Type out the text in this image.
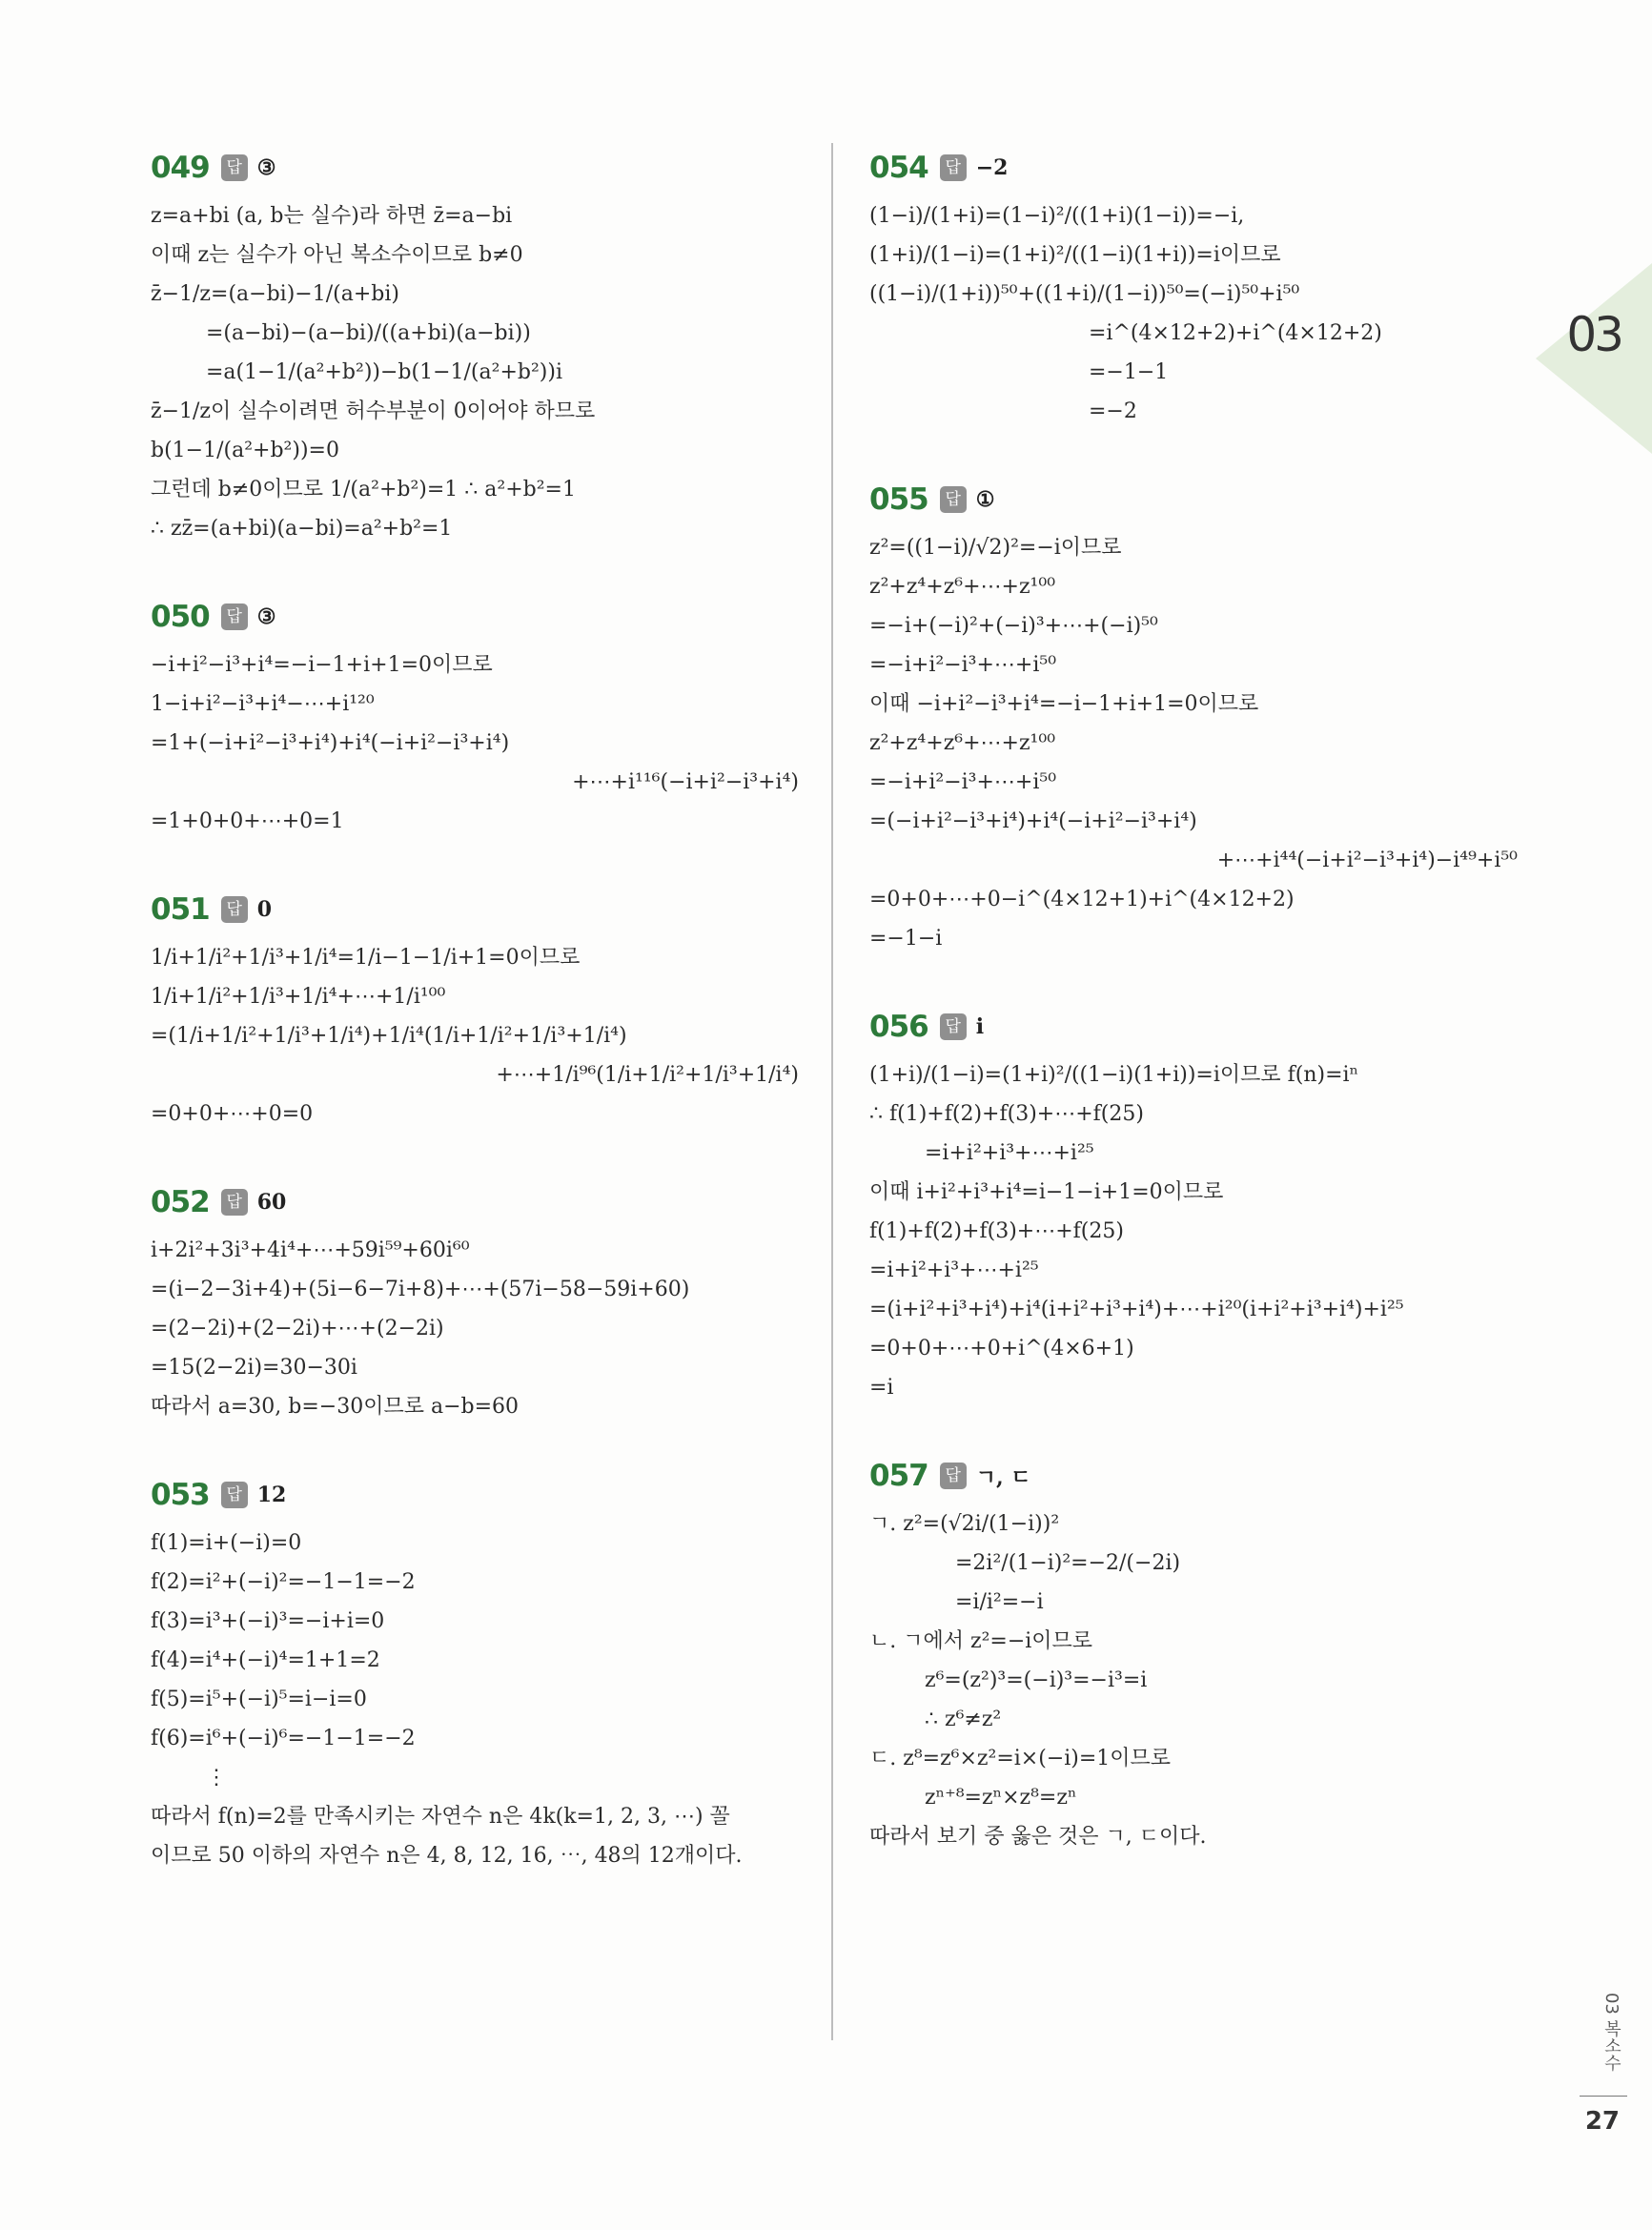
03
049	답 ③
z=a+bi (a, b는 실수)라 하면 z̄=a−bi
이때 z는 실수가 아닌 복소수이므로 b≠0
z̄−1/z=(a−bi)−1/(a+bi)
=(a−bi)−(a−bi)/((a+bi)(a−bi))
=a(1−1/(a²+b²))−b(1−1/(a²+b²))i
z̄−1/z이 실수이려면 허수부분이 0이어야 하므로
b(1−1/(a²+b²))=0
그런데 b≠0이므로 1/(a²+b²)=1 ∴ a²+b²=1
∴ zz̄=(a+bi)(a−bi)=a²+b²=1
050	답 ③
−i+i²−i³+i⁴=−i−1+i+1=0이므로
1−i+i²−i³+i⁴−⋯+i¹²⁰
=1+(−i+i²−i³+i⁴)+i⁴(−i+i²−i³+i⁴)
+⋯+i¹¹⁶(−i+i²−i³+i⁴)
=1+0+0+⋯+0=1
051	답 0
1/i+1/i²+1/i³+1/i⁴=1/i−1−1/i+1=0이므로
1/i+1/i²+1/i³+1/i⁴+⋯+1/i¹⁰⁰
=(1/i+1/i²+1/i³+1/i⁴)+1/i⁴(1/i+1/i²+1/i³+1/i⁴)
+⋯+1/i⁹⁶(1/i+1/i²+1/i³+1/i⁴)
=0+0+⋯+0=0
052	답 60
i+2i²+3i³+4i⁴+⋯+59i⁵⁹+60i⁶⁰
=(i−2−3i+4)+(5i−6−7i+8)+⋯+(57i−58−59i+60)
=(2−2i)+(2−2i)+⋯+(2−2i)
=15(2−2i)=30−30i
따라서 a=30, b=−30이므로 a−b=60
053	답 12
f(1)=i+(−i)=0
f(2)=i²+(−i)²=−1−1=−2
f(3)=i³+(−i)³=−i+i=0
f(4)=i⁴+(−i)⁴=1+1=2
f(5)=i⁵+(−i)⁵=i−i=0
f(6)=i⁶+(−i)⁶=−1−1=−2
⋮
따라서 f(n)=2를 만족시키는 자연수 n은 4k(k=1, 2, 3, ⋯) 꼴
이므로 50 이하의 자연수 n은 4, 8, 12, 16, ⋯, 48의 12개이다.
054	답 −2
(1−i)/(1+i)=(1−i)²/((1+i)(1−i))=−i,
(1+i)/(1−i)=(1+i)²/((1−i)(1+i))=i이므로
((1−i)/(1+i))⁵⁰+((1+i)/(1−i))⁵⁰=(−i)⁵⁰+i⁵⁰
=i^(4×12+2)+i^(4×12+2)
=−1−1
=−2
055	답 ①
z²=((1−i)/√2)²=−i이므로
z²+z⁴+z⁶+⋯+z¹⁰⁰
=−i+(−i)²+(−i)³+⋯+(−i)⁵⁰
=−i+i²−i³+⋯+i⁵⁰
이때 −i+i²−i³+i⁴=−i−1+i+1=0이므로
z²+z⁴+z⁶+⋯+z¹⁰⁰
=−i+i²−i³+⋯+i⁵⁰
=(−i+i²−i³+i⁴)+i⁴(−i+i²−i³+i⁴)
+⋯+i⁴⁴(−i+i²−i³+i⁴)−i⁴⁹+i⁵⁰
=0+0+⋯+0−i^(4×12+1)+i^(4×12+2)
=−1−i
056	답 i
(1+i)/(1−i)=(1+i)²/((1−i)(1+i))=i이므로 f(n)=iⁿ
∴ f(1)+f(2)+f(3)+⋯+f(25)
=i+i²+i³+⋯+i²⁵
이때 i+i²+i³+i⁴=i−1−i+1=0이므로
f(1)+f(2)+f(3)+⋯+f(25)
=i+i²+i³+⋯+i²⁵
=(i+i²+i³+i⁴)+i⁴(i+i²+i³+i⁴)+⋯+i²⁰(i+i²+i³+i⁴)+i²⁵
=0+0+⋯+0+i^(4×6+1)
=i
057	답 ㄱ, ㄷ
ㄱ. z²=(√2i/(1−i))²
=2i²/(1−i)²=−2/(−2i)
=i/i²=−i
ㄴ. ㄱ에서 z²=−i이므로
z⁶=(z²)³=(−i)³=−i³=i
∴ z⁶≠z²
ㄷ. z⁸=z⁶×z²=i×(−i)=1이므로
zⁿ⁺⁸=zⁿ×z⁸=zⁿ
따라서 보기 중 옳은 것은 ㄱ, ㄷ이다.
03 복소수
27
